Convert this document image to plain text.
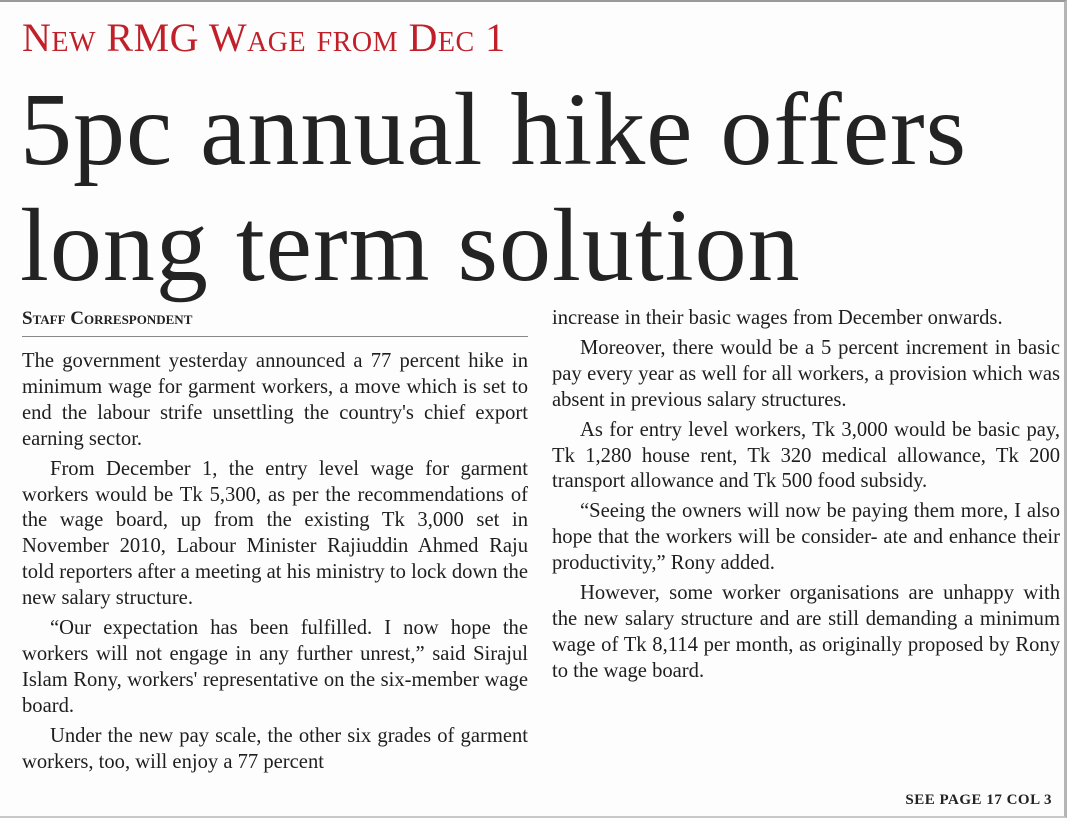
New RMG Wage from Dec 1
5pc annual hike offers
long term solution
Staff Correspondent

The government yesterday announced a 77 percent hike in minimum wage for garment workers, a move which is set to end the labour strife unsettling the country's chief export earning sector.

From December 1, the entry level wage for garment workers would be Tk 5,300, as per the recommendations of the wage board, up from the existing Tk 3,000 set in November 2010, Labour Minister Rajiuddin Ahmed Raju told reporters after a meeting at his ministry to lock down the new salary structure.

“Our expectation has been fulfilled. I now hope the workers will not engage in any further unrest,” said Sirajul Islam Rony, workers' representative on the six-member wage board.

Under the new pay scale, the other six grades of garment workers, too, will enjoy a 77 percent

increase in their basic wages from December onwards.

Moreover, there would be a 5 percent increment in basic pay every year as well for all workers, a provision which was absent in previous salary structures.

As for entry level workers, Tk 3,000 would be basic pay, Tk 1,280 house rent, Tk 320 medical allowance, Tk 200 transport allowance and Tk 500 food subsidy.

“Seeing the owners will now be paying them more, I also hope that the workers will be consider- ate and enhance their productivity,” Rony added.

However, some worker organisations are unhappy with the new salary structure and are still demanding a minimum wage of Tk 8,114 per month, as originally proposed by Rony to the wage board.

SEE PAGE 17 COL 3
